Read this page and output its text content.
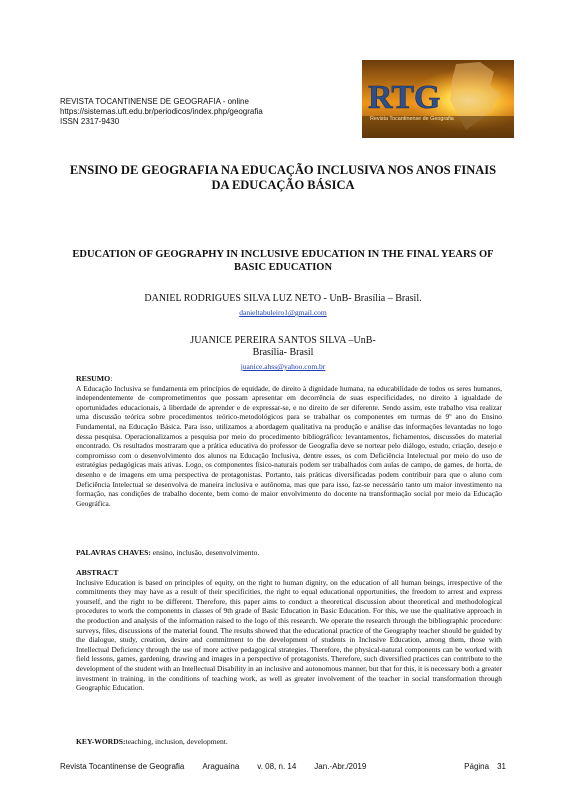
REVISTA TOCANTINENSE DE GEOGRAFIA - online
https://sistemas.uft.edu.br/periodicos/index.php/geografia
ISSN 2317-9430
RTG
Revista Tocantinense de Geografia
ENSINO DE GEOGRAFIA NA EDUCAÇÃO INCLUSIVA NOS ANOS FINAIS DA EDUCAÇÃO BÁSICA
EDUCATION OF GEOGRAPHY IN INCLUSIVE EDUCATION IN THE FINAL YEARS OF BASIC EDUCATION
DANIEL RODRIGUES SILVA LUZ NETO - UnB- Brasília – Brasil.
danieltabuleiro1@gmail.com
JUANICE PEREIRA SANTOS SILVA –UnB-
Brasília- Brasil
juanice.ahss@yahoo.com.br
RESUMO:
A Educação Inclusiva se fundamenta em princípios de equidade, de direito à dignidade humana, na educabilidade de todos os seres humanos, independentemente de comprometimentos que possam apresentar em decorrência de suas especificidades, no direito à igualdade de oportunidades educacionais, à liberdade de aprender e de expressar-se, e no direito de ser diferente. Sendo assim, este trabalho visa realizar uma discussão teórica sobre procedimentos teórico-metodológicos para se trabalhar os componentes em turmas de 9º ano do Ensino Fundamental, na Educação Básica. Para isso, utilizamos a abordagem qualitativa na produção e análise das informações levantadas no logo dessa pesquisa. Operacionalizamos a pesquisa por meio do procedimento bibliográfico: levantamentos, fichamentos, discussões do material encontrado. Os resultados mostraram que a prática educativa do professor de Geografia deve se nortear pelo diálogo, estudo, criação, desejo e compromisso com o desenvolvimento dos alunos na Educação Inclusiva, dentre esses, os com Deficiência Intelectual por meio do uso de estratégias pedagógicas mais ativas. Logo, os componentes físico-naturais podem ser trabalhados com aulas de campo, de games, de horta, de desenho e de imagens em uma perspectiva de protagonistas. Portanto, tais práticas diversificadas podem contribuir para que o aluno com Deficiência Intelectual se desenvolva de maneira inclusiva e autônoma, mas que para isso, faz-se necessário tanto um maior investimento na formação, nas condições de trabalho docente, bem como de maior envolvimento do docente na transformação social por meio da Educação Geográfica.
PALAVRAS CHAVES: ensino, inclusão, desenvolvimento.
ABSTRACT
Inclusive Education is based on principles of equity, on the right to human dignity, on the education of all human beings, irrespective of the commitments they may have as a result of their specificities, the right to equal educational opportunities, the freedom to arrest and express yourself, and the right to be different. Therefore, this paper aims to conduct a theoretical discussion about theoretical and methodological procedures to work the components in classes of 9th grade of Basic Education in Basic Education. For this, we use the qualitative approach in the production and analysis of the information raised to the logo of this research. We operate the research through the bibliographic procedure: surveys, files, discussions of the material found. The results showed that the educational practice of the Geography teacher should be guided by the dialogue, study, creation, desire and commitment to the development of students in Inclusive Education, among them, those with Intellectual Deficiency through the use of more active pedagogical strategies. Therefore, the physical-natural components can be worked with field lessons, games, gardening, drawing and images in a perspective of protagonists. Therefore, such diversified practices can contribute to the development of the student with an Intellectual Disability in an inclusive and autonomous manner, but that for this, it is necessary both a greater investment in training, in the conditions of teaching work, as well as greater involvement of the teacher in social transformation through Geographic Education.
KEY-WORDS:teaching, inclusion, development.
Revista Tocantinense de Geografia Araguaína v. 08, n. 14 Jan.-Abr./2019	Página 31
